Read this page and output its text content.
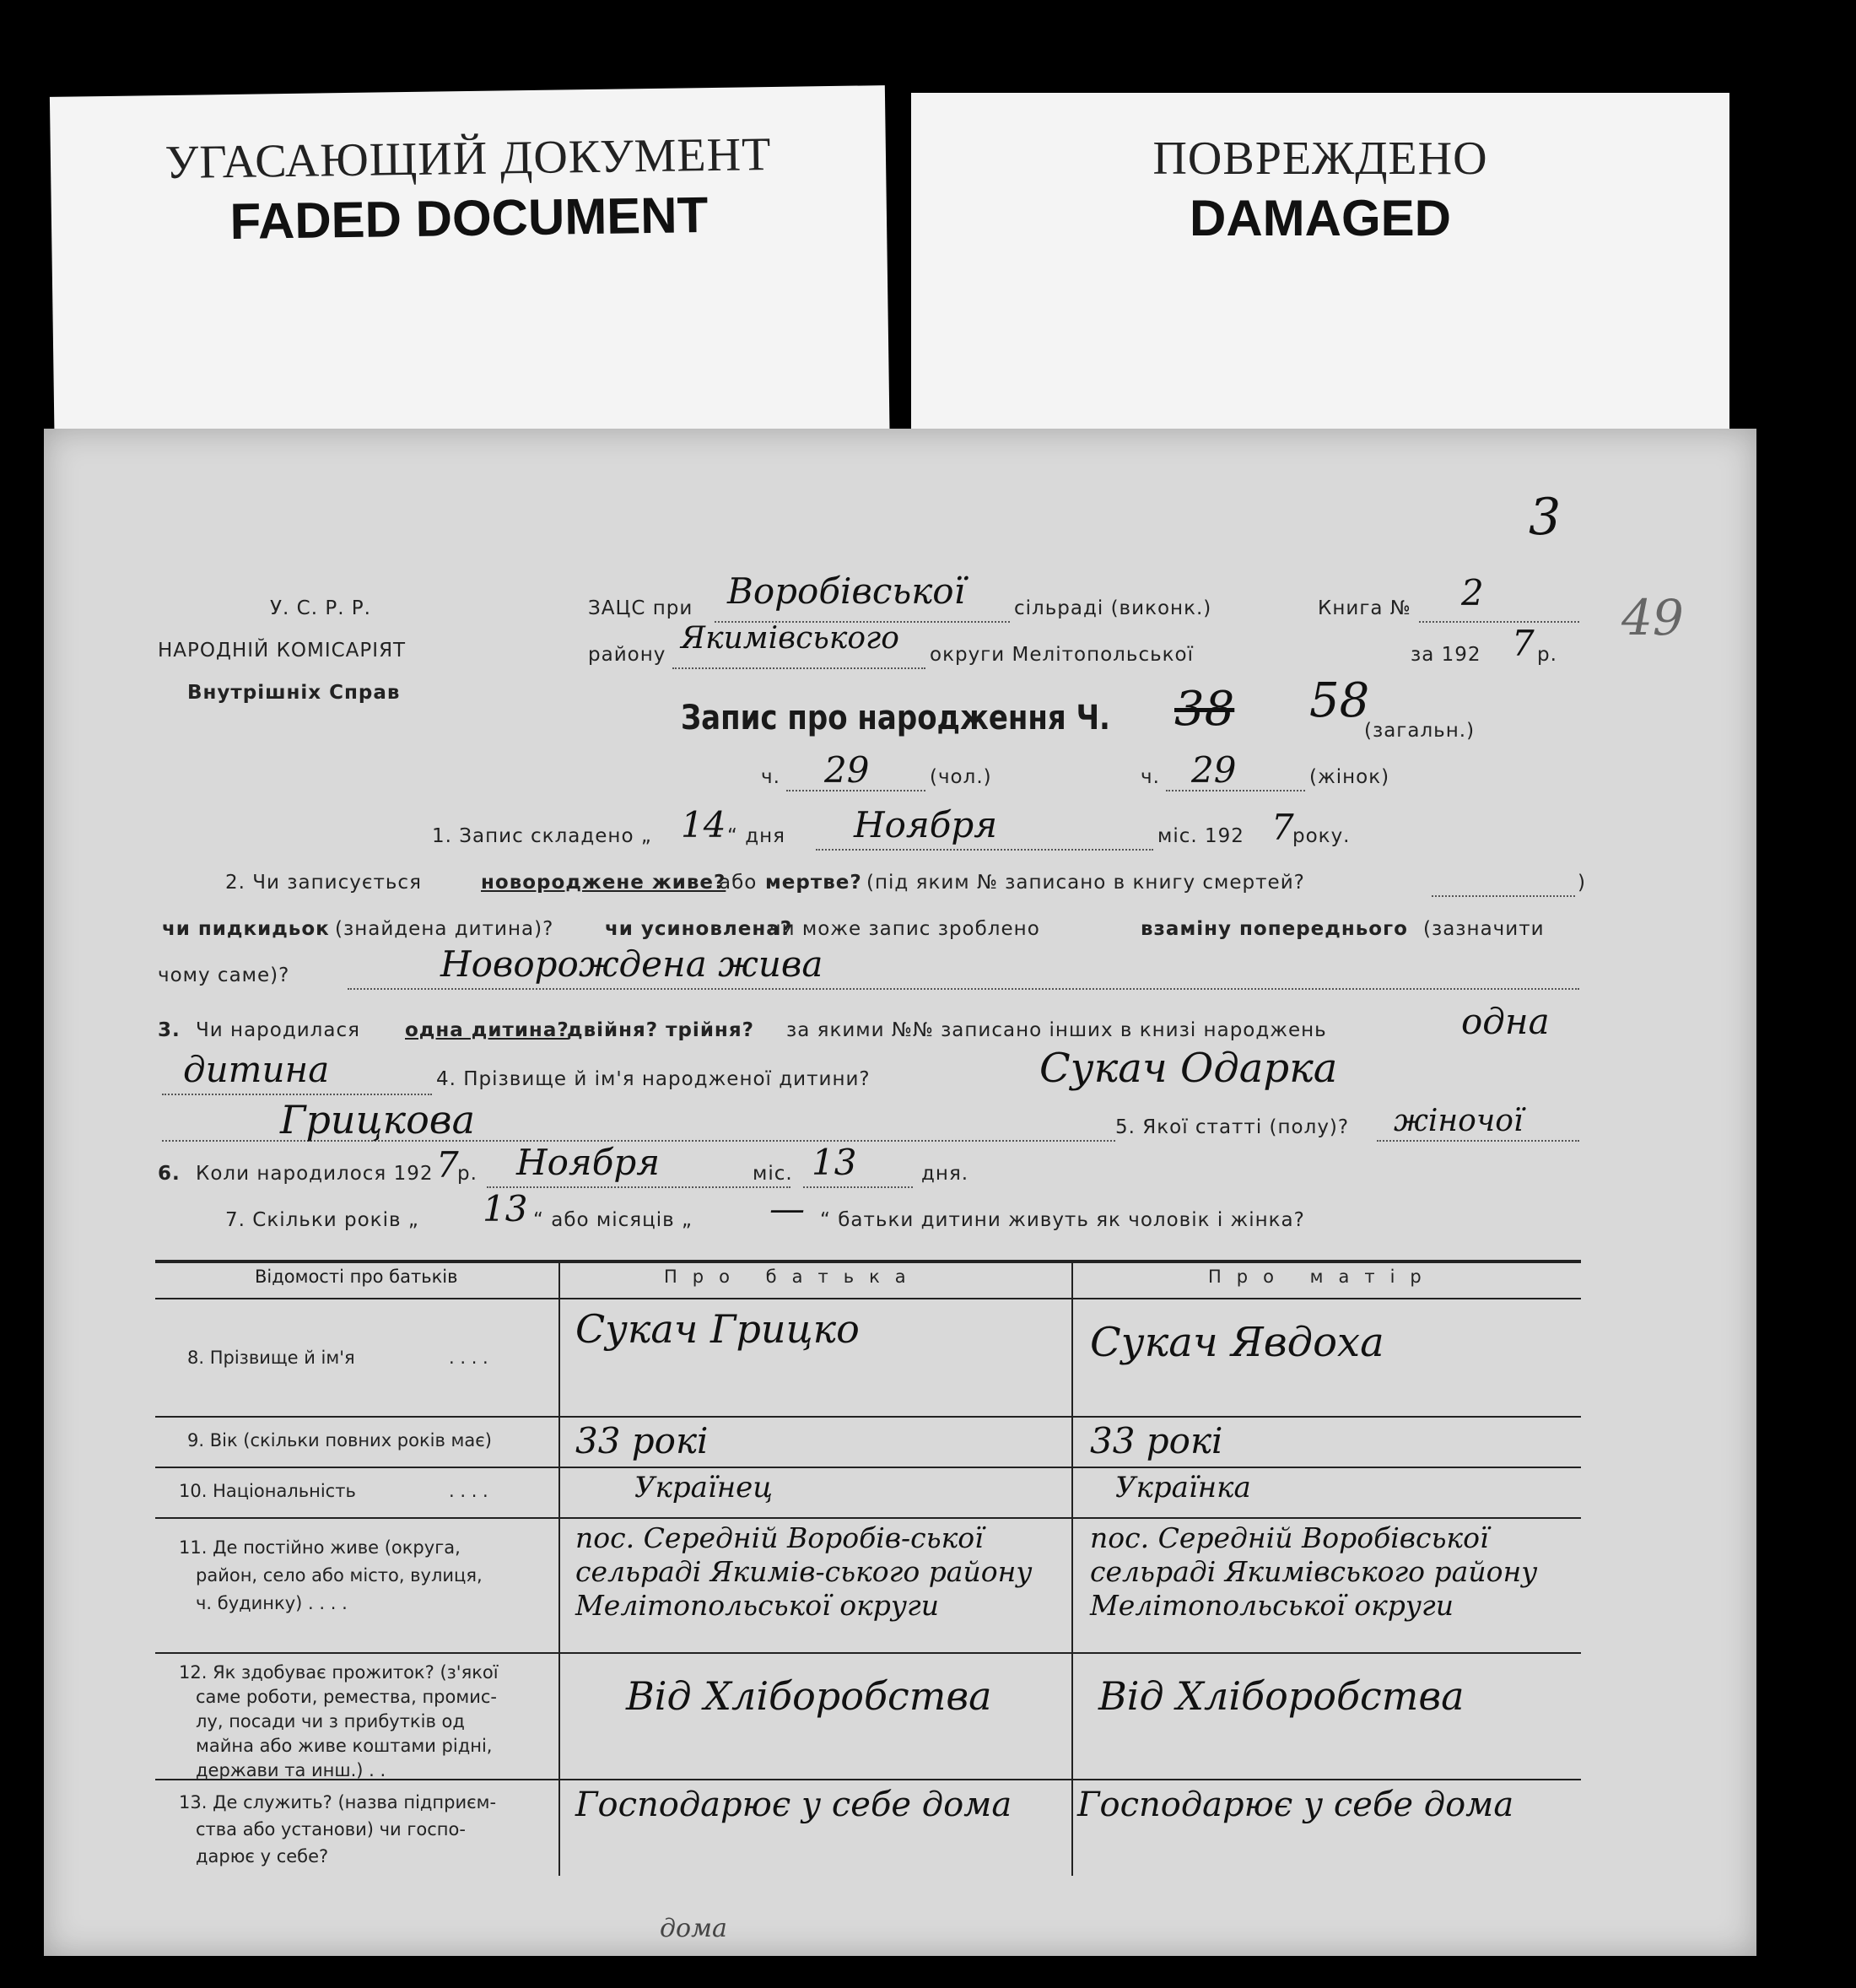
УГАСАЮЩИЙ ДОКУМЕНТ
FADED DOCUMENT
ПОВРЕЖДЕНО
DAMAGED
3
49
У. С. Р. Р.
НАРОДНІЙ КОМІСАРІЯТ
Внутрішніх Справ
ЗАЦС при Воробівської	сільраді (виконк.)	Книга № 2
району Якимівського округи Мелітопольської	за 192 7 р.
Запис про народження Ч. 38 58
(загальн.)
ч. 29	(чол.)	ч. 29	(жінок)
1. Запис складено „ 14 “ дня Ноября	міс. 192 7
року.
2. Чи записується	новороджене живе?
або мертве? (під яким № записано в книгу смертей?	)
чи пидкидьок (знайдена дитина)?	чи усиновлена?
чи може запис зроблено	взаміну попереднього (зазначити
чому саме)?	Новорождена жива
3. Чи народилася одна дитина?
двійня? трійня? за якими №№ записано інших в книзі народжень	одна
дитина	4. Прізвище й ім'я народженої дитини?	Сукач Одарка
Грицкова	5. Якої статті (полу)? жіночої
6. Коли народилося 192 7
р. Ноября	міс. 13	дня.
7. Скільки років „ 13 “ або місяців „ — “ батьки дитини живуть як чоловік і жінка?
Відомості про батьків	Про батька	Про матір
8. Прізвище й ім'я	. . . .
Сукач Грицко	Сукач Явдоха
9. Вік (скільки повних років має) 33 рокі	33 рокі
10. Національність	. . . .	Українец	Українка
11. Де постійно живе (округа,
район, село або місто, вулиця,
ч. будинку) . . . .
пос. Середній Воробів-ської сельраді Якимів-ського району Мелітопольської округи
пос. Середній Воробівської сельраді Якимівського району Мелітопольської округи
12. Як здобуває прожиток? (з'якої
саме роботи, ремества, промис-
лу, посади чи з прибутків од
майна або живе коштами рідні,
держави та инш.) . .
Від Хліборобства	Від Хліборобства
13. Де служить? (назва підприєм-
ства або установи) чи госпо-
дарює у себе?
Господарює у себе дома	Господарює у себе дома
дома
